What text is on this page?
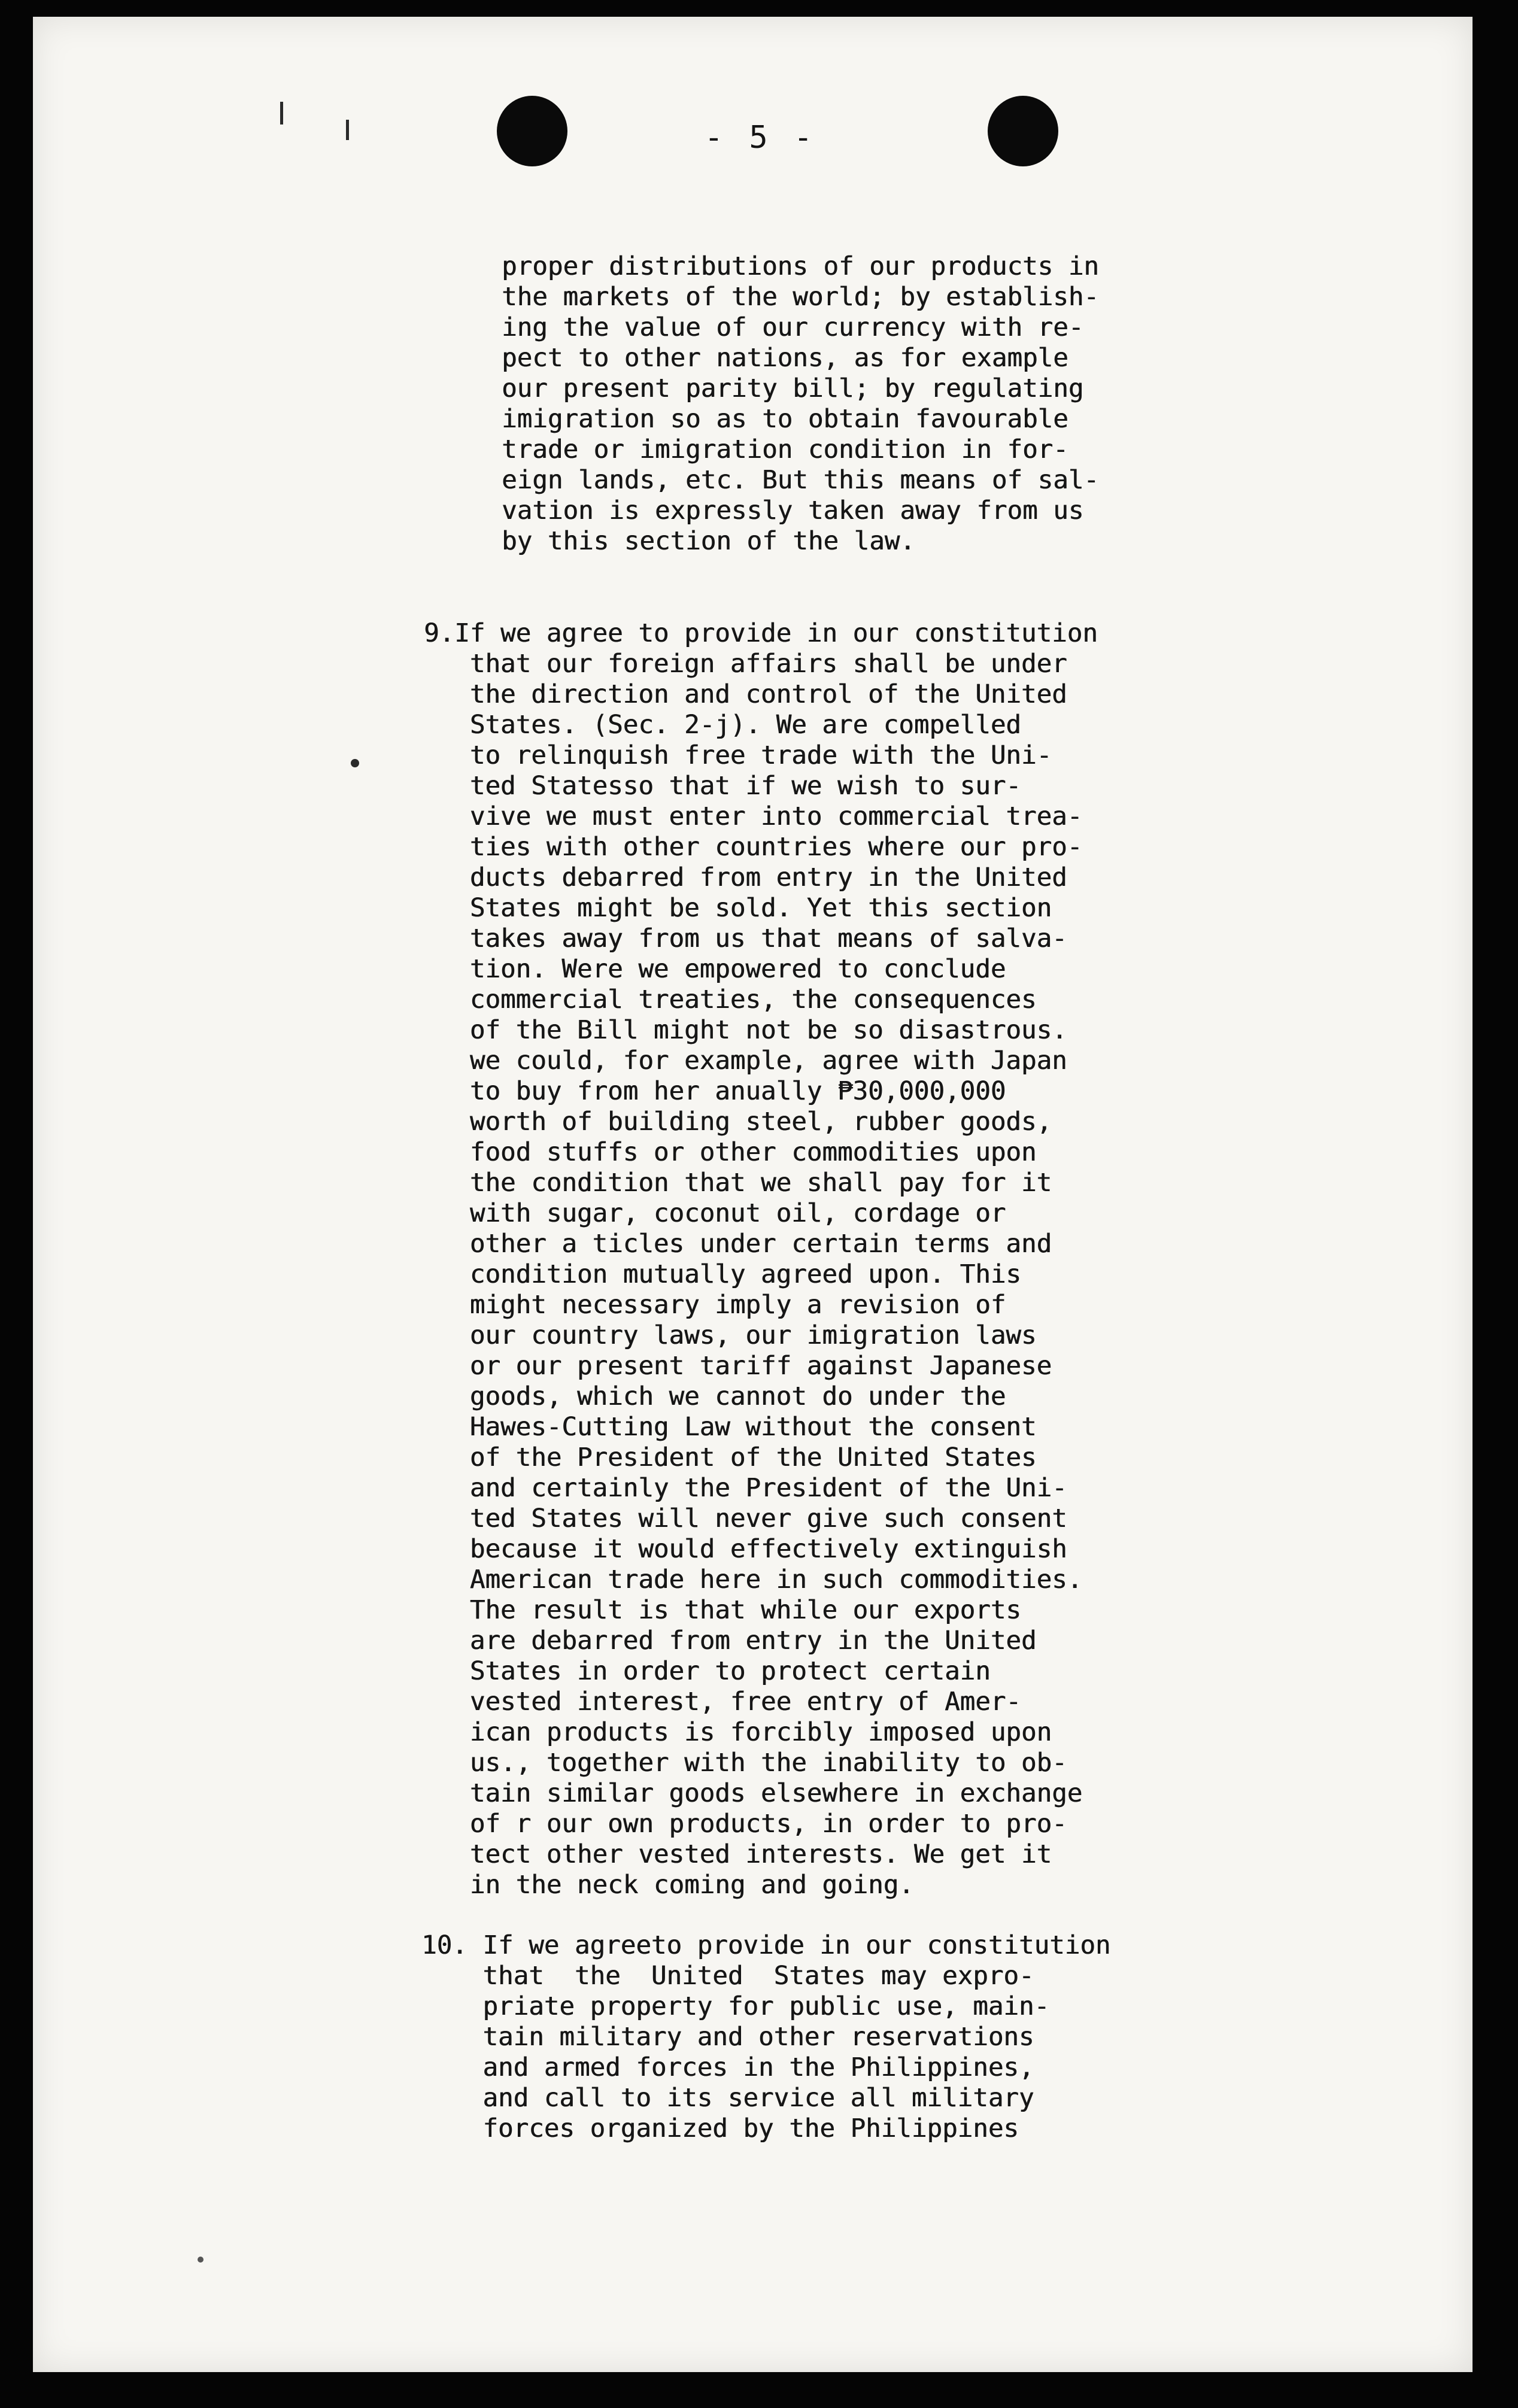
- 5 -
proper distributions of our products in
the markets of the world; by establish-
ing the value of our currency with re-
pect to other nations, as for example
our present parity bill; by regulating
imigration so as to obtain favourable
trade or imigration condition in for-
eign lands, etc. But this means of sal-
vation is expressly taken away from us
by this section of the law.
9.If we agree to provide in our constitution
that our foreign affairs shall be under
the direction and control of the United
States. (Sec. 2-j). We are compelled
to relinquish free trade with the Uni-
ted Statesso that if we wish to sur-
vive we must enter into commercial trea-
ties with other countries where our pro-
ducts debarred from entry in the United
States might be sold. Yet this section
takes away from us that means of salva-
tion. Were we empowered to conclude
commercial treaties, the consequences
of the Bill might not be so disastrous.
we could, for example, agree with Japan
to buy from her anually ₱30,000,000
worth of building steel, rubber goods,
food stuffs or other commodities upon
the condition that we shall pay for it
with sugar, coconut oil, cordage or
other a ticles under certain terms and
condition mutually agreed upon. This
might necessary imply a revision of
our country laws, our imigration laws
or our present tariff against Japanese
goods, which we cannot do under the
Hawes-Cutting Law without the consent
of the President of the United States
and certainly the President of the Uni-
ted States will never give such consent
because it would effectively extinguish
American trade here in such commodities.
The result is that while our exports
are debarred from entry in the United
States in order to protect certain
vested interest, free entry of Amer-
ican products is forcibly imposed upon
us., together with the inability to ob-
tain similar goods elsewhere in exchange
of r our own products, in order to pro-
tect other vested interests. We get it
in the neck coming and going.
10. If we agreeto provide in our constitution
that  the  United  States may expro-
priate property for public use, main-
tain military and other reservations
and armed forces in the Philippines,
and call to its service all military
forces organized by the Philippines
